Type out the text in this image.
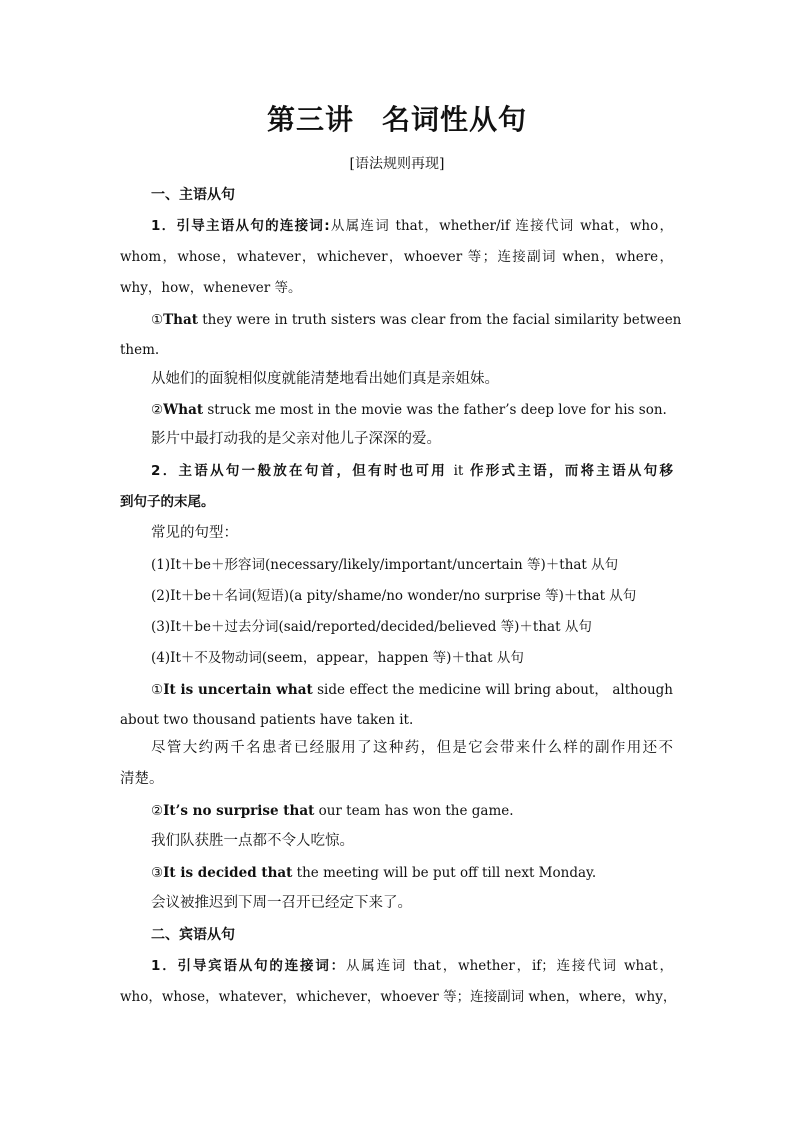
第三讲 名词性从句
[语法规则再现]
一、主语从句
1．引导主语从句的连接词:从属连词 that，whether/if 连接代词 what，who，
whom，whose，whatever，whichever，whoever 等；连接副词 when，where，
why，how，whenever 等。
①That they were in truth sisters was clear from the facial similarity between
them.
从她们的面貌相似度就能清楚地看出她们真是亲姐妹。
②What struck me most in the movie was the father’s deep love for his son.
影片中最打动我的是父亲对他儿子深深的爱。
2．主语从句一般放在句首，但有时也可用 it 作形式主语，而将主语从句移
到句子的末尾。
常见的句型：
(1)It＋be＋形容词(necessary/likely/important/uncertain 等)＋that 从句
(2)It＋be＋名词(短语)(a pity/shame/no wonder/no surprise 等)＋that 从句
(3)It＋be＋过去分词(said/reported/decided/believed 等)＋that 从句
(4)It＋不及物动词(seem，appear，happen 等)＋that 从句
①It is uncertain what side effect the medicine will bring about， although
about two thousand patients have taken it.
尽管大约两千名患者已经服用了这种药，但是它会带来什么样的副作用还不
清楚。
②It’s no surprise that our team has won the game.
我们队获胜一点都不令人吃惊。
③It is decided that the meeting will be put off till next Monday.
会议被推迟到下周一召开已经定下来了。
二、宾语从句
1．引导宾语从句的连接词：从属连词 that，whether，if；连接代词 what，
who，whose，whatever，whichever，whoever 等；连接副词 when，where，why，
